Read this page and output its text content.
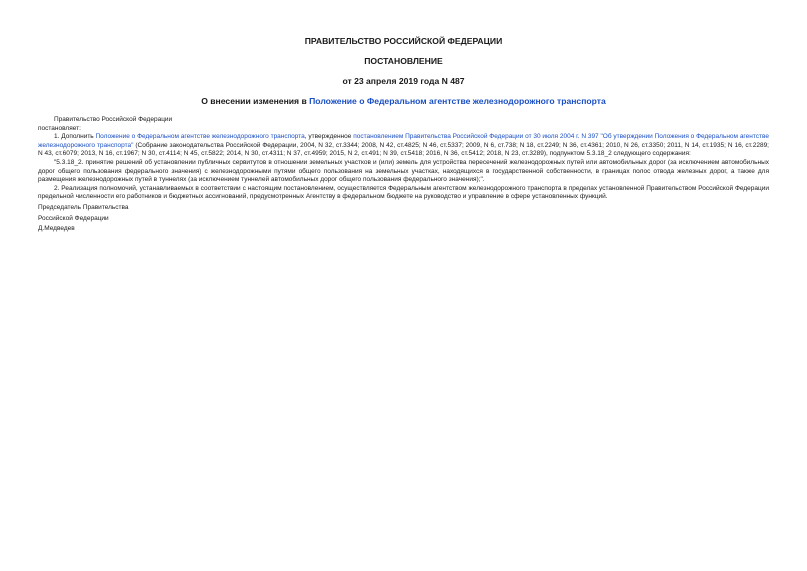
ПРАВИТЕЛЬСТВО РОССИЙСКОЙ ФЕДЕРАЦИИ

ПОСТАНОВЛЕНИЕ

от 23 апреля 2019 года N 487

О внесении изменения в Положение о Федеральном агентстве железнодорожного транспорта

Правительство Российской Федерации

постановляет:

1. Дополнить Положение о Федеральном агентстве железнодорожного транспорта, утвержденное постановлением Правительства Российской Федерации от 30 июля 2004 г. N 397 "Об утверждении Положения о Федеральном агентстве железнодорожного транспорта" (Собрание законодательства Российской Федерации, 2004, N 32, ст.3344; 2008, N 42, ст.4825; N 46, ст.5337; 2009, N 6, ст.738; N 18, ст.2249; N 36, ст.4361; 2010, N 26, ст.3350; 2011, N 14, ст.1935; N 16, ст.2289; N 43, ст.6079; 2013, N 16, ст.1967; N 30, ст.4114; N 45, ст.5822; 2014, N 30, ст.4311; N 37, ст.4959; 2015, N 2, ст.491; N 39, ст.5418; 2016, N 36, ст.5412; 2018, N 23, ст.3289), подпунктом 5.3.18_2 следующего содержания:

"5.3.18_2. принятие решений об установлении публичных сервитутов в отношении земельных участков и (или) земель для устройства пересечений железнодорожных путей или автомобильных дорог (за исключением автомобильных дорог общего пользования федерального значения) с железнодорожными путями общего пользования на земельных участках, находящихся в государственной собственности, в границах полос отвода железных дорог, а также для размещения железнодорожных путей в туннелях (за исключением туннелей автомобильных дорог общего пользования федерального значения);".

2. Реализация полномочий, устанавливаемых в соответствии с настоящим постановлением, осуществляется Федеральным агентством железнодорожного транспорта в пределах установленной Правительством Российской Федерации предельной численности его работников и бюджетных ассигнований, предусмотренных Агентству в федеральном бюджете на руководство и управление в сфере установленных функций.

Председатель Правительства

Российской Федерации

Д.Медведев
